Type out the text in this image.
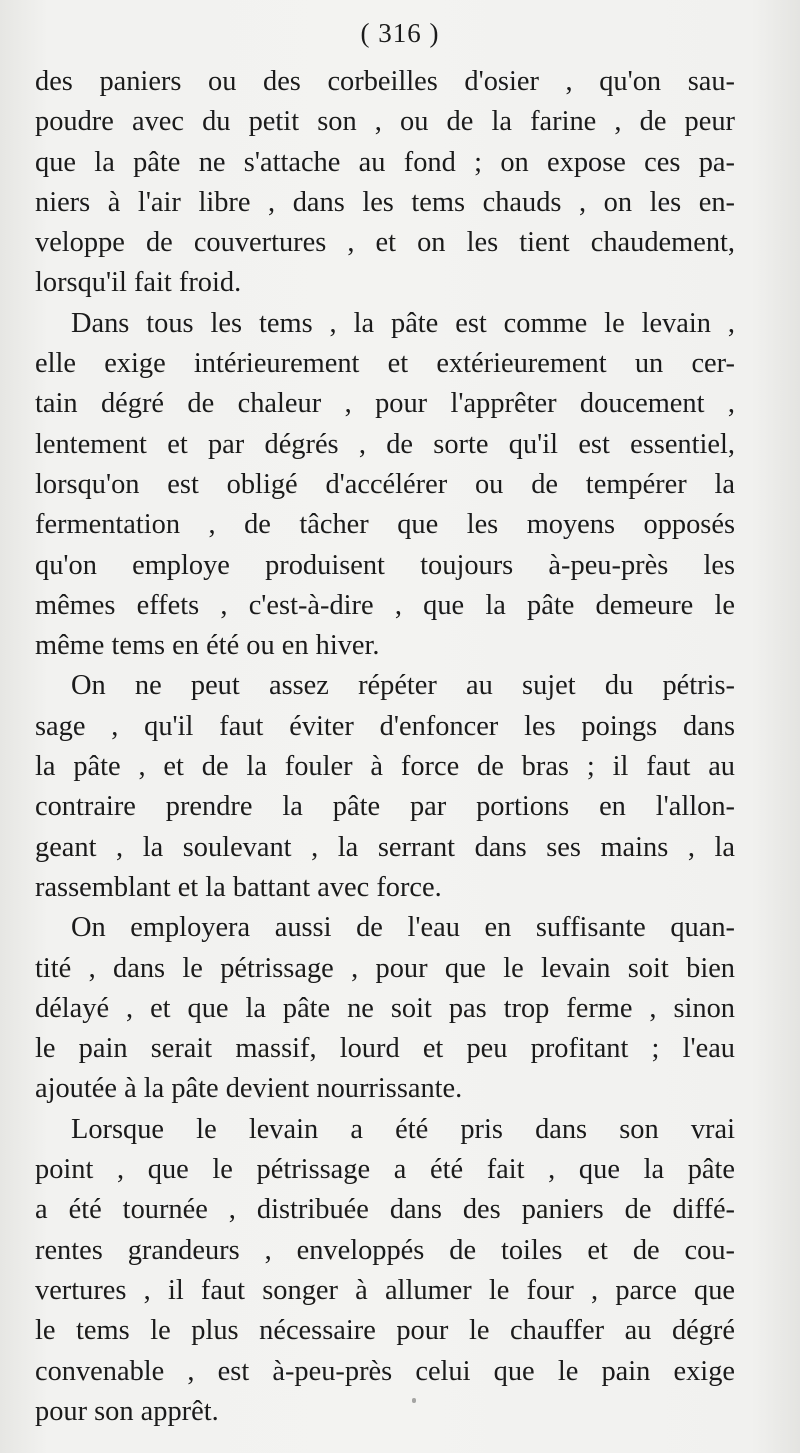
( 316 )
des paniers ou des corbeilles d'osier , qu'on sau-
poudre avec du petit son , ou de la farine , de peur
que la pâte ne s'attache au fond ; on expose ces pa-
niers à l'air libre , dans les tems chauds , on les en-
veloppe de couvertures , et on les tient chaudement,
lorsqu'il fait froid.
Dans tous les tems , la pâte est comme le levain ,
elle exige intérieurement et extérieurement un cer-
tain dégré de chaleur , pour l'apprêter doucement ,
lentement et par dégrés , de sorte qu'il est essentiel,
lorsqu'on est obligé d'accélérer ou de tempérer la
fermentation , de tâcher que les moyens opposés
qu'on employe produisent toujours à-peu-près les
mêmes effets , c'est-à-dire , que la pâte demeure le
même tems en été ou en hiver.
On ne peut assez répéter au sujet du pétris-
sage , qu'il faut éviter d'enfoncer les poings dans
la pâte , et de la fouler à force de bras ; il faut au
contraire prendre la pâte par portions en l'allon-
geant , la soulevant , la serrant dans ses mains , la
rassemblant et la battant avec force.
On employera aussi de l'eau en suffisante quan-
tité , dans le pétrissage , pour que le levain soit bien
délayé , et que la pâte ne soit pas trop ferme , sinon
le pain serait massif, lourd et peu profitant ; l'eau
ajoutée à la pâte devient nourrissante.
Lorsque le levain a été pris dans son vrai
point , que le pétrissage a été fait , que la pâte
a été tournée , distribuée dans des paniers de diffé-
rentes grandeurs , enveloppés de toiles et de cou-
vertures , il faut songer à allumer le four , parce que
le tems le plus nécessaire pour le chauffer au dégré
convenable , est à-peu-près celui que le pain exige
pour son apprêt.
